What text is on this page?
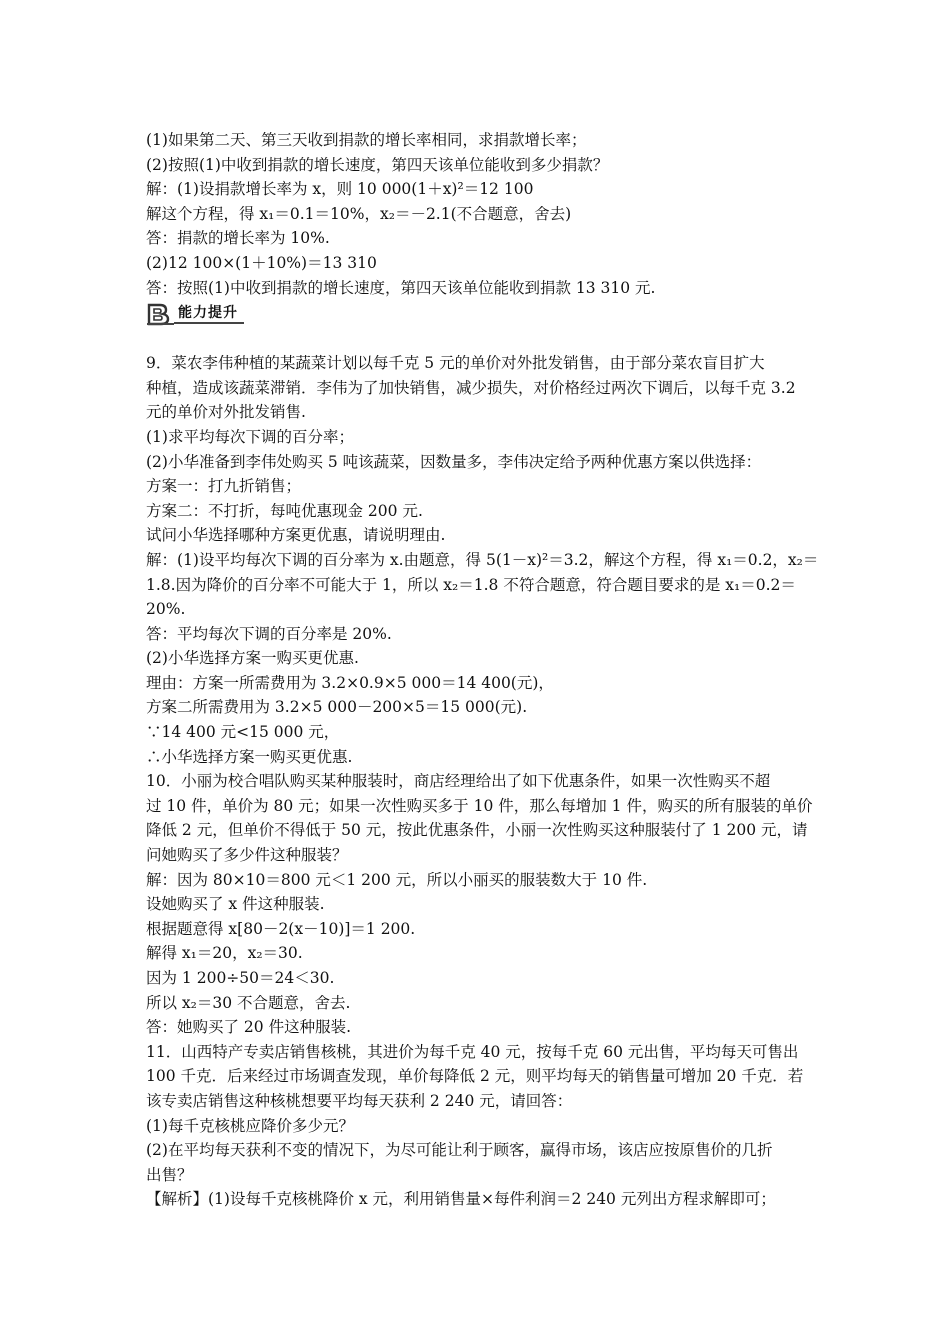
(1)如果第二天、第三天收到捐款的增长率相同，求捐款增长率；

(2)按照(1)中收到捐款的增长速度，第四天该单位能收到多少捐款？

解：(1)设捐款增长率为 x，则 10 000(1＋x)²＝12 100

解这个方程，得 x₁＝0.1＝10%，x₂＝－2.1(不合题意，舍去)

答：捐款的增长率为 10%.

(2)12 100×(1＋10%)＝13 310

答：按照(1)中收到捐款的增长速度，第四天该单位能收到捐款 13 310 元.

能力提升

9．菜农李伟种植的某蔬菜计划以每千克 5 元的单价对外批发销售，由于部分菜农盲目扩大

种植，造成该蔬菜滞销．李伟为了加快销售，减少损失，对价格经过两次下调后，以每千克 3.2

元的单价对外批发销售.

(1)求平均每次下调的百分率；

(2)小华准备到李伟处购买 5 吨该蔬菜，因数量多，李伟决定给予两种优惠方案以供选择：

方案一：打九折销售；

方案二：不打折，每吨优惠现金 200 元.

试问小华选择哪种方案更优惠，请说明理由.

解：(1)设平均每次下调的百分率为 x.由题意，得 5(1－x)²＝3.2，解这个方程，得 x₁＝0.2，x₂＝

1.8.因为降价的百分率不可能大于 1，所以 x₂＝1.8 不符合题意，符合题目要求的是 x₁＝0.2＝

20%.

答：平均每次下调的百分率是 20%.

(2)小华选择方案一购买更优惠.

理由：方案一所需费用为 3.2×0.9×5 000＝14 400(元)，

方案二所需费用为 3.2×5 000－200×5＝15 000(元).

∵14 400 元<15 000 元，

∴小华选择方案一购买更优惠.

10．小丽为校合唱队购买某种服装时，商店经理给出了如下优惠条件，如果一次性购买不超

过 10 件，单价为 80 元；如果一次性购买多于 10 件，那么每增加 1 件，购买的所有服装的单价

降低 2 元，但单价不得低于 50 元，按此优惠条件，小丽一次性购买这种服装付了 1 200 元，请

问她购买了多少件这种服装？

解：因为 80×10＝800 元＜1 200 元，所以小丽买的服装数大于 10 件.

设她购买了 x 件这种服装.

根据题意得 x[80－2(x－10)]＝1 200.

解得 x₁＝20，x₂＝30.

因为 1 200÷50＝24＜30.

所以 x₂＝30 不合题意，舍去.

答：她购买了 20 件这种服装.

11．山西特产专卖店销售核桃，其进价为每千克 40 元，按每千克 60 元出售，平均每天可售出

100 千克．后来经过市场调查发现，单价每降低 2 元，则平均每天的销售量可增加 20 千克．若

该专卖店销售这种核桃想要平均每天获利 2 240 元，请回答：

(1)每千克核桃应降价多少元？

(2)在平均每天获利不变的情况下，为尽可能让利于顾客，赢得市场，该店应按原售价的几折

出售？

【解析】(1)设每千克核桃降价 x 元，利用销售量×每件利润＝2 240 元列出方程求解即可；
